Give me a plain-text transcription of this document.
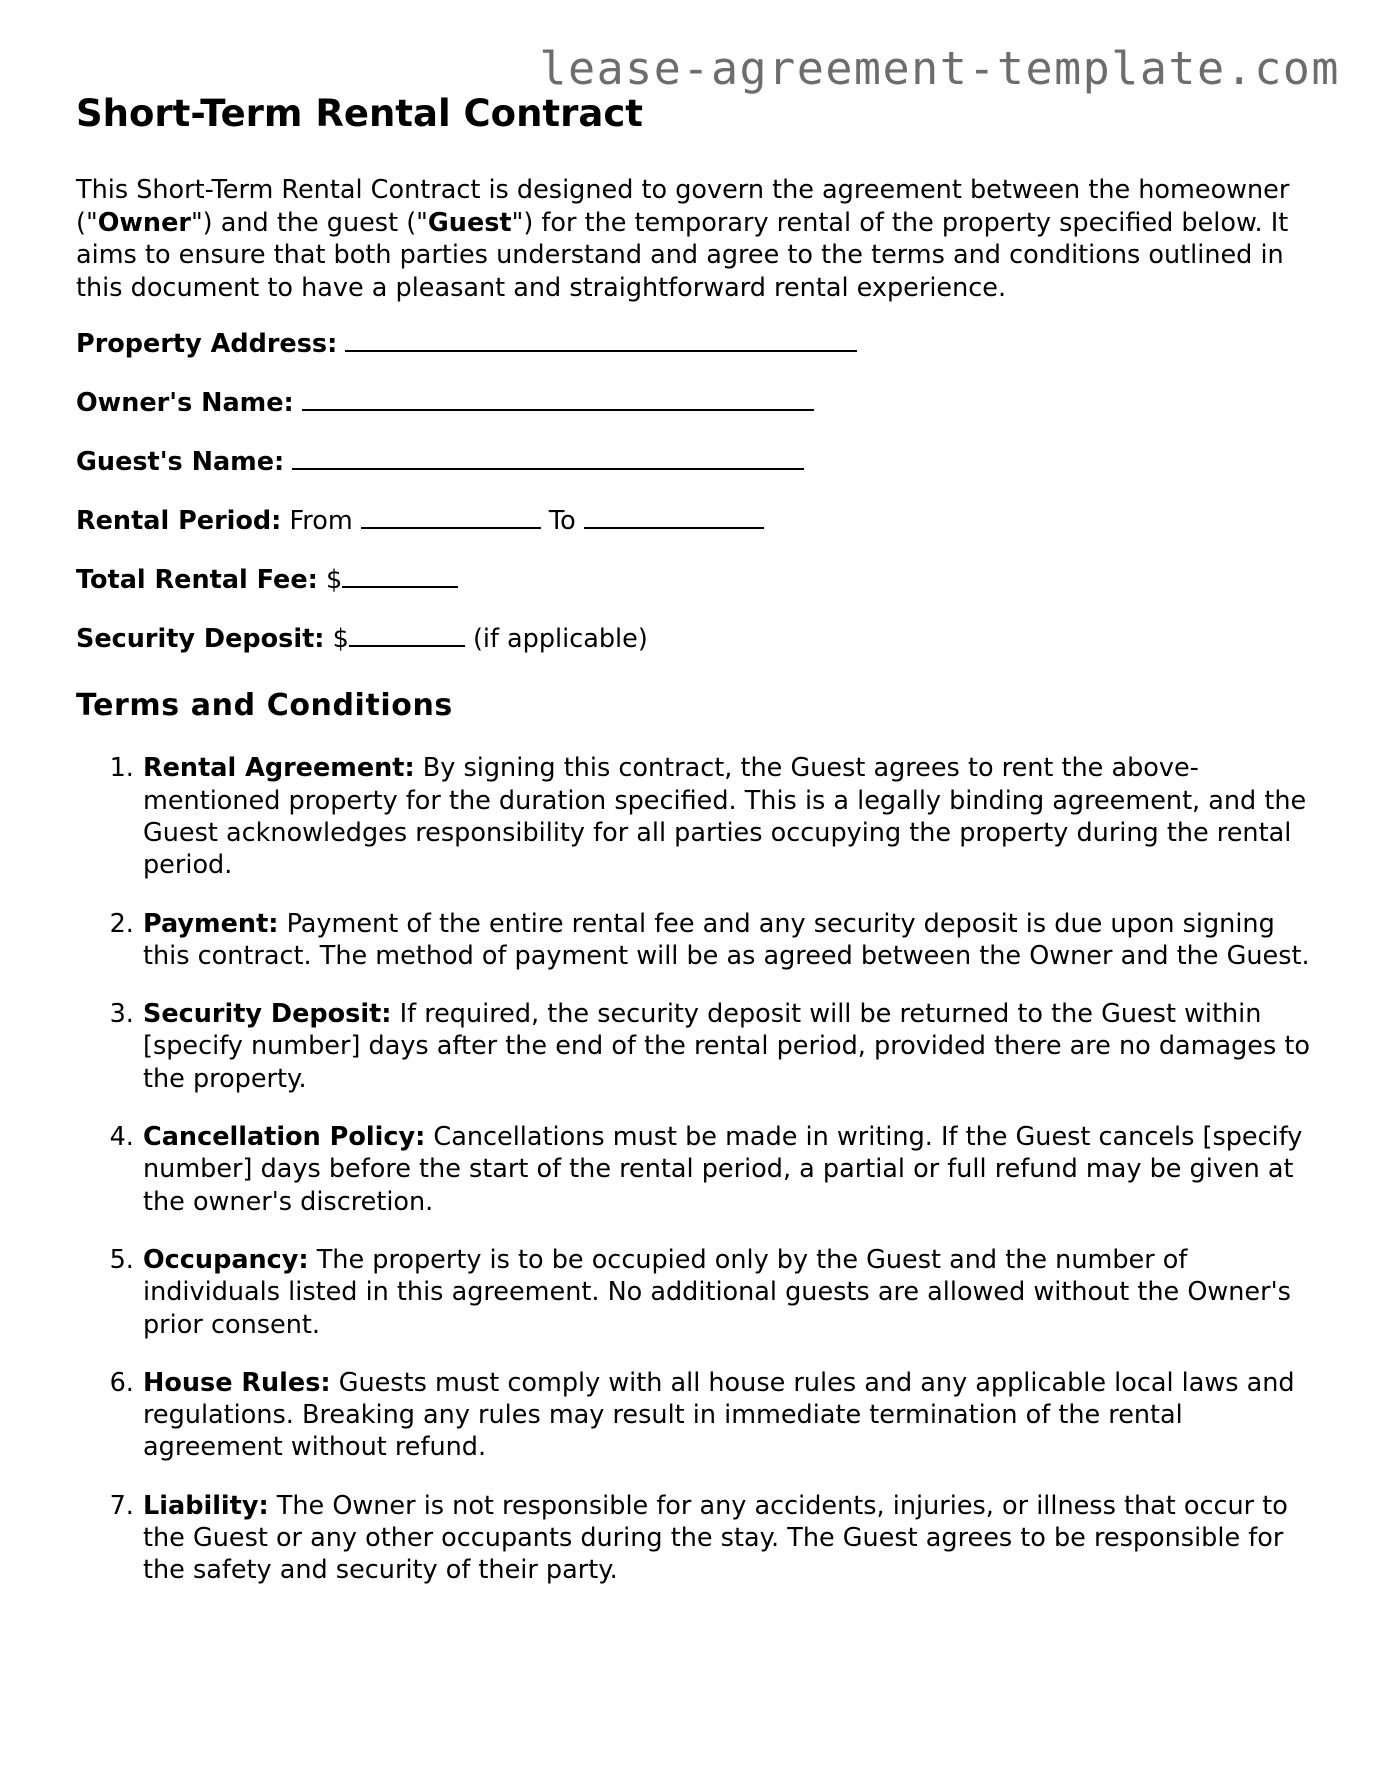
lease-agreement-template.com
Short-Term Rental Contract

This Short-Term Rental Contract is designed to govern the agreement between the homeowner ("Owner") and the guest ("Guest") for the temporary rental of the property specified below. It aims to ensure that both parties understand and agree to the terms and conditions outlined in this document to have a pleasant and straightforward rental experience.

Property Address:

Owner's Name:

Guest's Name:

Rental Period: From	To

Total Rental Fee: $

Security Deposit: $	(if applicable)

Terms and Conditions
1. Rental Agreement: By signing this contract, the Guest agrees to rent the above-mentioned property for the duration specified. This is a legally binding agreement, and the Guest acknowledges responsibility for all parties occupying the property during the rental period.
2. Payment: Payment of the entire rental fee and any security deposit is due upon signing this contract. The method of payment will be as agreed between the Owner and the Guest.
3. Security Deposit: If required, the security deposit will be returned to the Guest within [specify number] days after the end of the rental period, provided there are no damages to the property.
4. Cancellation Policy: Cancellations must be made in writing. If the Guest cancels [specify number] days before the start of the rental period, a partial or full refund may be given at the owner's discretion.
5. Occupancy: The property is to be occupied only by the Guest and the number of individuals listed in this agreement. No additional guests are allowed without the Owner's prior consent.
6. House Rules: Guests must comply with all house rules and any applicable local laws and regulations. Breaking any rules may result in immediate termination of the rental agreement without refund.
7. Liability: The Owner is not responsible for any accidents, injuries, or illness that occur to the Guest or any other occupants during the stay. The Guest agrees to be responsible for the safety and security of their party.
